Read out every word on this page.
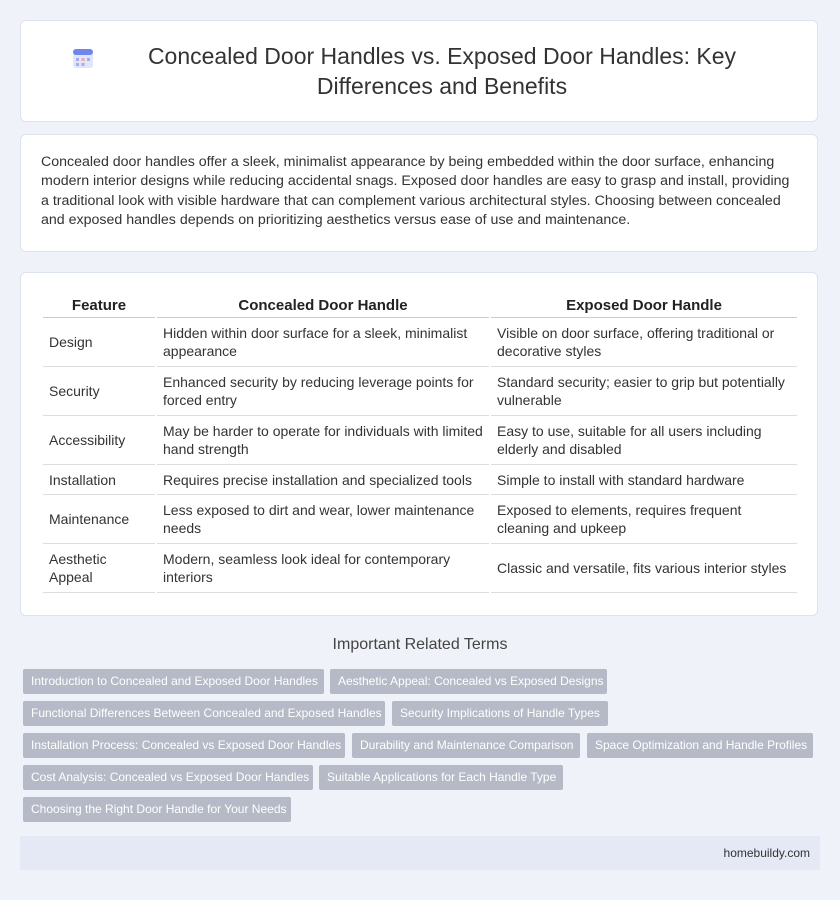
Concealed Door Handles vs. Exposed Door Handles: Key Differences and Benefits

Concealed door handles offer a sleek, minimalist appearance by being embedded within the door surface, enhancing modern interior designs while reducing accidental snags. Exposed door handles are easy to grasp and install, providing a traditional look with visible hardware that can complement various architectural styles. Choosing between concealed and exposed handles depends on prioritizing aesthetics versus ease of use and maintenance.

Feature	Concealed Door Handle	Exposed Door Handle
Design	Hidden within door surface for a sleek, minimalist appearance	Visible on door surface, offering traditional or decorative styles
Security	Enhanced security by reducing leverage points for forced entry	Standard security; easier to grip but potentially vulnerable
Accessibility	May be harder to operate for individuals with limited hand strength	Easy to use, suitable for all users including elderly and disabled
Installation	Requires precise installation and specialized tools	Simple to install with standard hardware
Maintenance	Less exposed to dirt and wear, lower maintenance needs	Exposed to elements, requires frequent cleaning and upkeep
Aesthetic Appeal	Modern, seamless look ideal for contemporary interiors	Classic and versatile, fits various interior styles
Important Related Terms
Introduction to Concealed and Exposed Door Handles	Aesthetic Appeal: Concealed vs Exposed Designs
Functional Differences Between Concealed and Exposed Handles	Security Implications of Handle Types
Installation Process: Concealed vs Exposed Door Handles	Durability and Maintenance Comparison	Space Optimization and Handle Profiles
Cost Analysis: Concealed vs Exposed Door Handles	Suitable Applications for Each Handle Type
Choosing the Right Door Handle for Your Needs
homebuildy.com
